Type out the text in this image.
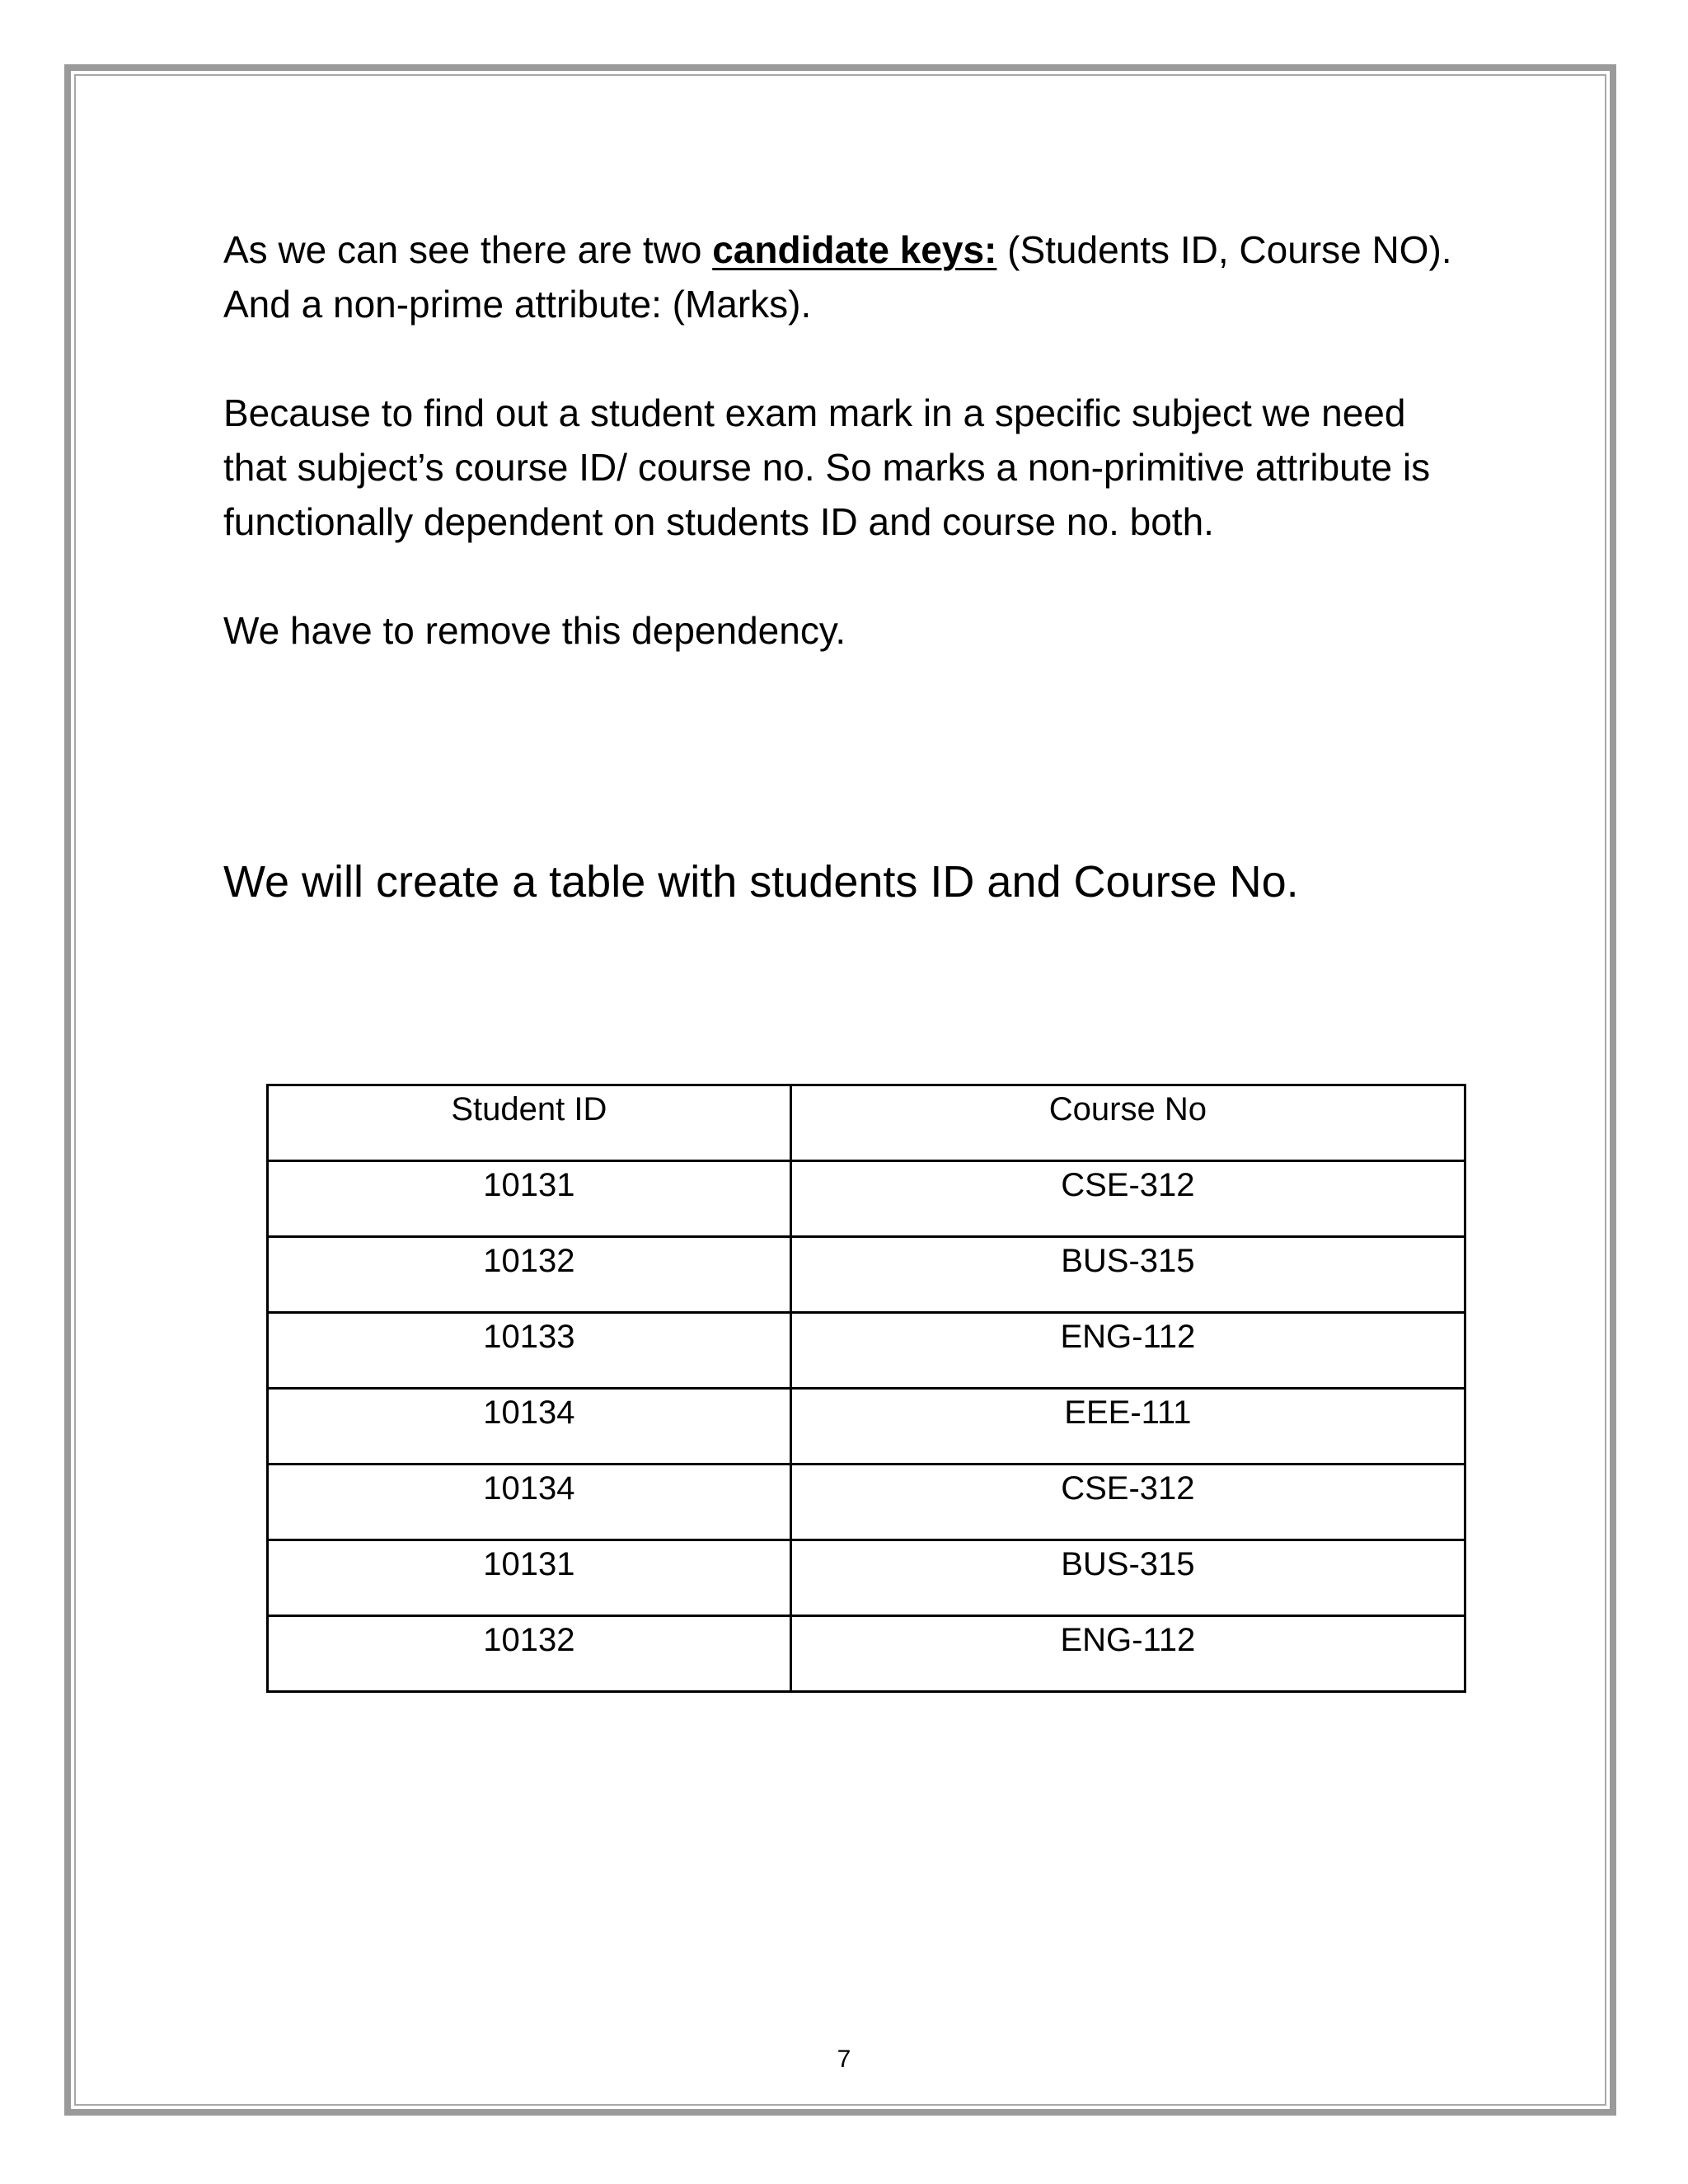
As we can see there are two candidate keys: (Students ID, Course NO).

And a non-prime attribute: (Marks).

Because to find out a student exam mark in a specific subject we need that subject’s course ID/ course no. So marks a non-primitive attribute is functionally dependent on students ID and course no. both.

We have to remove this dependency.

We will create a table with students ID and Course No.
Student ID	Course No
10131	CSE-312
10132	BUS-315
10133	ENG-112
10134	EEE-111
10134	CSE-312
10131	BUS-315
10132	ENG-112
7
